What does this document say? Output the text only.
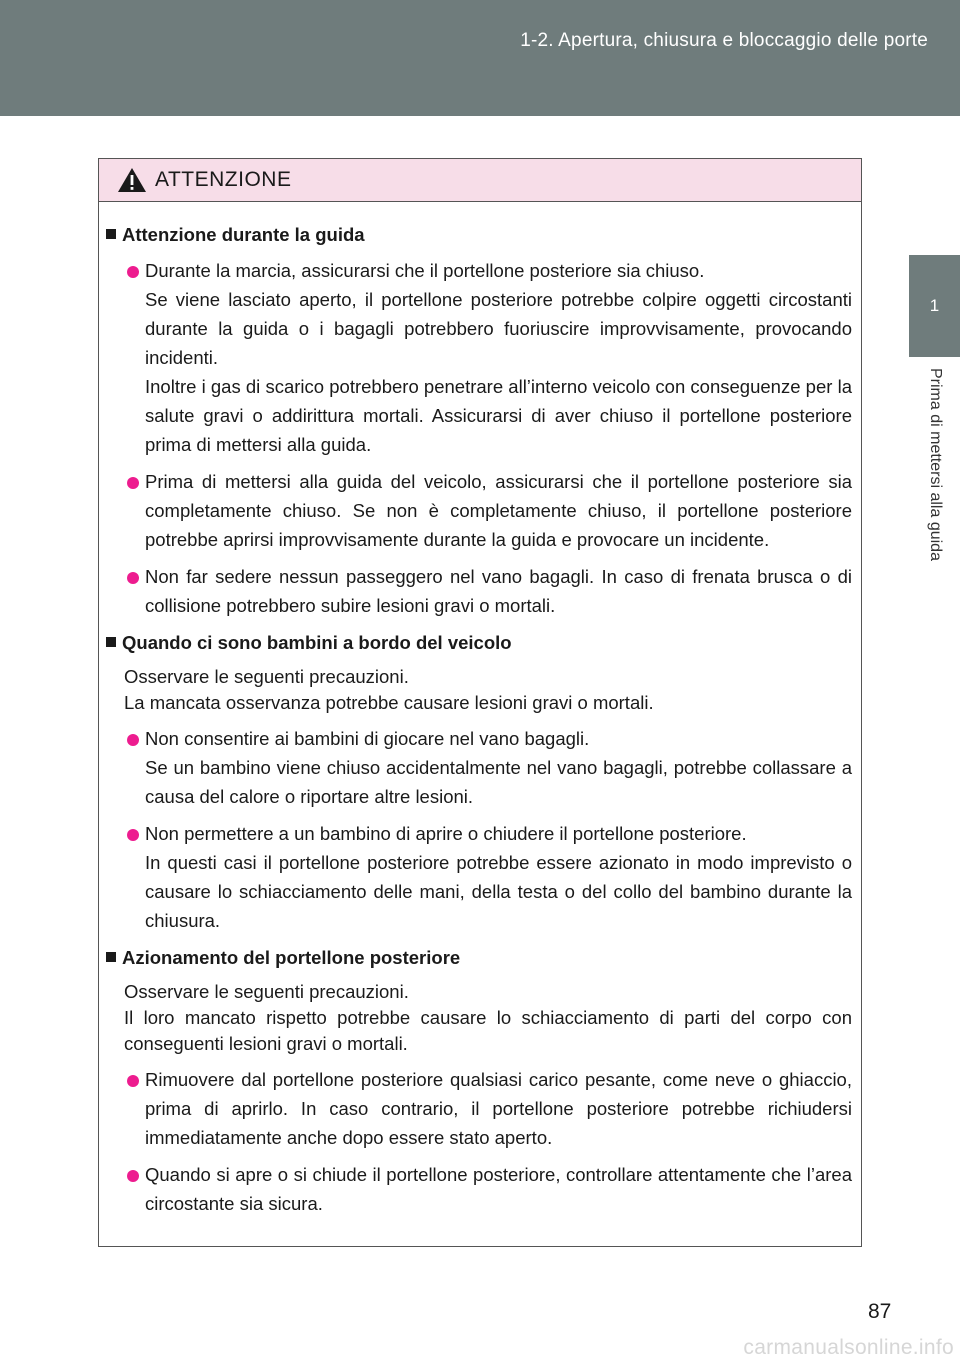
1-2. Apertura, chiusura e bloccaggio delle porte
1
Prima di mettersi alla guida
ATTENZIONE
Attenzione durante la guida
Durante la marcia, assicurarsi che il portellone posteriore sia chiuso.
Se viene lasciato aperto, il portellone posteriore potrebbe colpire oggetti circostanti durante la guida o i bagagli potrebbero fuoriuscire improvvisamente, provocando incidenti.
Inoltre i gas di scarico potrebbero penetrare all’interno veicolo con conseguenze per la salute gravi o addirittura mortali. Assicurarsi di aver chiuso il portellone posteriore prima di mettersi alla guida.
Prima di mettersi alla guida del veicolo, assicurarsi che il portellone posteriore sia completamente chiuso. Se non è completamente chiuso, il portellone posteriore potrebbe aprirsi improvvisamente durante la guida e provocare un incidente.
Non far sedere nessun passeggero nel vano bagagli. In caso di frenata brusca o di collisione potrebbero subire lesioni gravi o mortali.
Quando ci sono bambini a bordo del veicolo
Osservare le seguenti precauzioni.
La mancata osservanza potrebbe causare lesioni gravi o mortali.
Non consentire ai bambini di giocare nel vano bagagli.
Se un bambino viene chiuso accidentalmente nel vano bagagli, potrebbe collassare a causa del calore o riportare altre lesioni.
Non permettere a un bambino di aprire o chiudere il portellone posteriore.
In questi casi il portellone posteriore potrebbe essere azionato in modo imprevisto o causare lo schiacciamento delle mani, della testa o del collo del bambino durante la chiusura.
Azionamento del portellone posteriore
Osservare le seguenti precauzioni.
Il loro mancato rispetto potrebbe causare lo schiacciamento di parti del corpo con conseguenti lesioni gravi o mortali.
Rimuovere dal portellone posteriore qualsiasi carico pesante, come neve o ghiaccio, prima di aprirlo. In caso contrario, il portellone posteriore potrebbe richiudersi immediatamente anche dopo essere stato aperto.
Quando si apre o si chiude il portellone posteriore, controllare attentamente che l’area circostante sia sicura.
87
carmanualsonline.info
